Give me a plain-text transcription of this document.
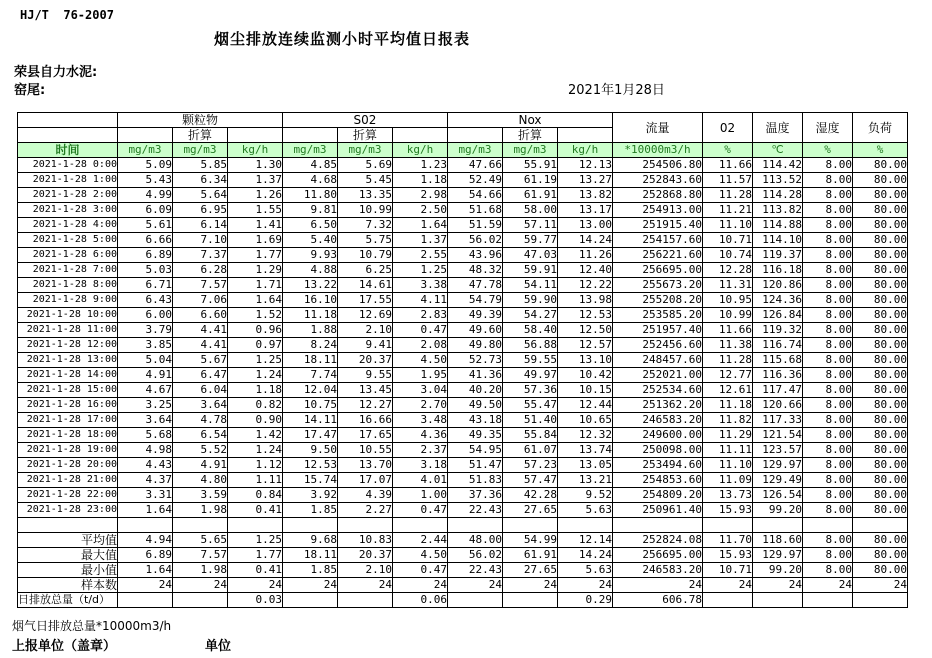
HJ/T  76-2007
烟尘排放连续监测小时平均值日报表
荣县自力水泥:
窑尾:	2021年1月28日
	颗粒物			S02			Nox			流量	02	温度	湿度	负荷
		折算			折算			折算						
时间	mg/m3	mg/m3	kg/h	mg/m3	mg/m3	kg/h	mg/m3	mg/m3	kg/h	*10000m3/h	%	℃	%	%
2021-1-28 0:00	5.09	5.85	1.30	4.85	5.69	1.23	47.66	55.91	12.13	254506.80	11.66	114.42	8.00	80.00
2021-1-28 1:00	5.43	6.34	1.37	4.68	5.45	1.18	52.49	61.19	13.27	252843.60	11.57	113.52	8.00	80.00
2021-1-28 2:00	4.99	5.64	1.26	11.80	13.35	2.98	54.66	61.91	13.82	252868.80	11.28	114.28	8.00	80.00
2021-1-28 3:00	6.09	6.95	1.55	9.81	10.99	2.50	51.68	58.00	13.17	254913.00	11.21	113.82	8.00	80.00
2021-1-28 4:00	5.61	6.14	1.41	6.50	7.32	1.64	51.59	57.11	13.00	251915.40	11.10	114.88	8.00	80.00
2021-1-28 5:00	6.66	7.10	1.69	5.40	5.75	1.37	56.02	59.77	14.24	254157.60	10.71	114.10	8.00	80.00
2021-1-28 6:00	6.89	7.37	1.77	9.93	10.79	2.55	43.96	47.03	11.26	256221.60	10.74	119.37	8.00	80.00
2021-1-28 7:00	5.03	6.28	1.29	4.88	6.25	1.25	48.32	59.91	12.40	256695.00	12.28	116.18	8.00	80.00
2021-1-28 8:00	6.71	7.57	1.71	13.22	14.61	3.38	47.78	54.11	12.22	255673.20	11.31	120.86	8.00	80.00
2021-1-28 9:00	6.43	7.06	1.64	16.10	17.55	4.11	54.79	59.90	13.98	255208.20	10.95	124.36	8.00	80.00
2021-1-28 10:00	6.00	6.60	1.52	11.18	12.69	2.83	49.39	54.27	12.53	253585.20	10.99	126.84	8.00	80.00
2021-1-28 11:00	3.79	4.41	0.96	1.88	2.10	0.47	49.60	58.40	12.50	251957.40	11.66	119.32	8.00	80.00
2021-1-28 12:00	3.85	4.41	0.97	8.24	9.41	2.08	49.80	56.88	12.57	252456.60	11.38	116.74	8.00	80.00
2021-1-28 13:00	5.04	5.67	1.25	18.11	20.37	4.50	52.73	59.55	13.10	248457.60	11.28	115.68	8.00	80.00
2021-1-28 14:00	4.91	6.47	1.24	7.74	9.55	1.95	41.36	49.97	10.42	252021.00	12.77	116.36	8.00	80.00
2021-1-28 15:00	4.67	6.04	1.18	12.04	13.45	3.04	40.20	57.36	10.15	252534.60	12.61	117.47	8.00	80.00
2021-1-28 16:00	3.25	3.64	0.82	10.75	12.27	2.70	49.50	55.47	12.44	251362.20	11.18	120.66	8.00	80.00
2021-1-28 17:00	3.64	4.78	0.90	14.11	16.66	3.48	43.18	51.40	10.65	246583.20	11.82	117.33	8.00	80.00
2021-1-28 18:00	5.68	6.54	1.42	17.47	17.65	4.36	49.35	55.84	12.32	249600.00	11.29	121.54	8.00	80.00
2021-1-28 19:00	4.98	5.52	1.24	9.50	10.55	2.37	54.95	61.07	13.74	250098.00	11.11	123.57	8.00	80.00
2021-1-28 20:00	4.43	4.91	1.12	12.53	13.70	3.18	51.47	57.23	13.05	253494.60	11.10	129.97	8.00	80.00
2021-1-28 21:00	4.37	4.80	1.11	15.74	17.07	4.01	51.83	57.47	13.21	254853.60	11.09	129.49	8.00	80.00
2021-1-28 22:00	3.31	3.59	0.84	3.92	4.39	1.00	37.36	42.28	9.52	254809.20	13.73	126.54	8.00	80.00
2021-1-28 23:00	1.64	1.98	0.41	1.85	2.27	0.47	22.43	27.65	5.63	250961.40	15.93	99.20	8.00	80.00

平均值	4.94	5.65	1.25	9.68	10.83	2.44	48.00	54.99	12.14	252824.08	11.70	118.60	8.00	80.00
最大值	6.89	7.57	1.77	18.11	20.37	4.50	56.02	61.91	14.24	256695.00	15.93	129.97	8.00	80.00
最小值	1.64	1.98	0.41	1.85	2.10	0.47	22.43	27.65	5.63	246583.20	10.71	99.20	8.00	80.00
样本数	24	24	24	24	24	24	24	24	24	24	24	24	24	24
日排放总量（t/d）			0.03			0.06			0.29	606.78				
烟气日排放总量*10000m3/h
上报单位（盖章）	单位
